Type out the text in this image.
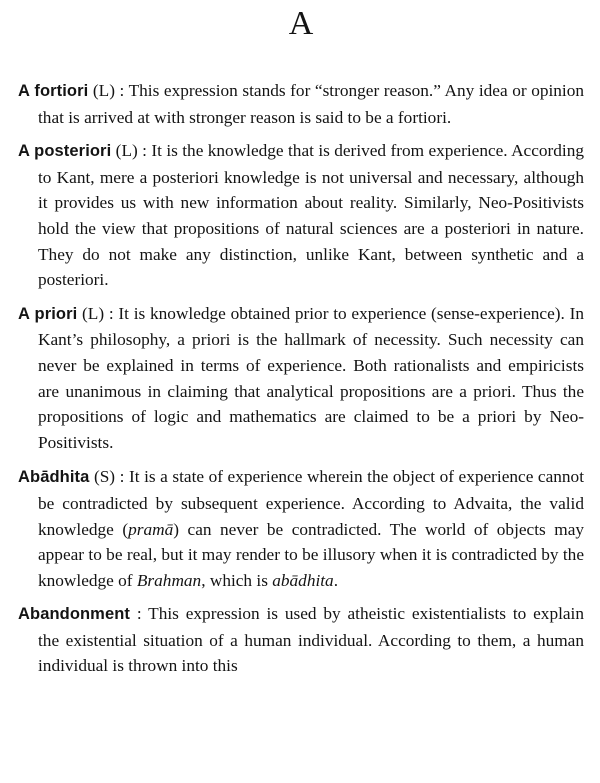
A

A fortiori (L) : This expression stands for “stronger reason.” Any idea or opinion that is arrived at with stronger reason is said to be a fortiori.

A posteriori (L) : It is the knowledge that is derived from experience. According to Kant, mere a posteriori knowledge is not universal and necessary, although it provides us with new information about reality. Similarly, Neo-Positivists hold the view that propositions of natural sciences are a posteriori in nature. They do not make any distinction, unlike Kant, between synthetic and a posteriori.

A priori (L) : It is knowledge obtained prior to experience (sense-experience). In Kant’s philosophy, a priori is the hallmark of necessity. Such necessity can never be explained in terms of experience. Both rationalists and empiricists are unanimous in claiming that analytical propositions are a priori. Thus the propositions of logic and mathematics are claimed to be a priori by Neo-Positivists.

Abādhita (S) : It is a state of experience wherein the object of experience cannot be contradicted by subsequent experience. According to Advaita, the valid knowledge (pramā) can never be contradicted. The world of objects may appear to be real, but it may render to be illusory when it is contradicted by the knowledge of Brahman, which is abādhita.

Abandonment : This expression is used by atheistic existentialists to explain the existential situation of a human individual. According to them, a human individual is thrown into this
